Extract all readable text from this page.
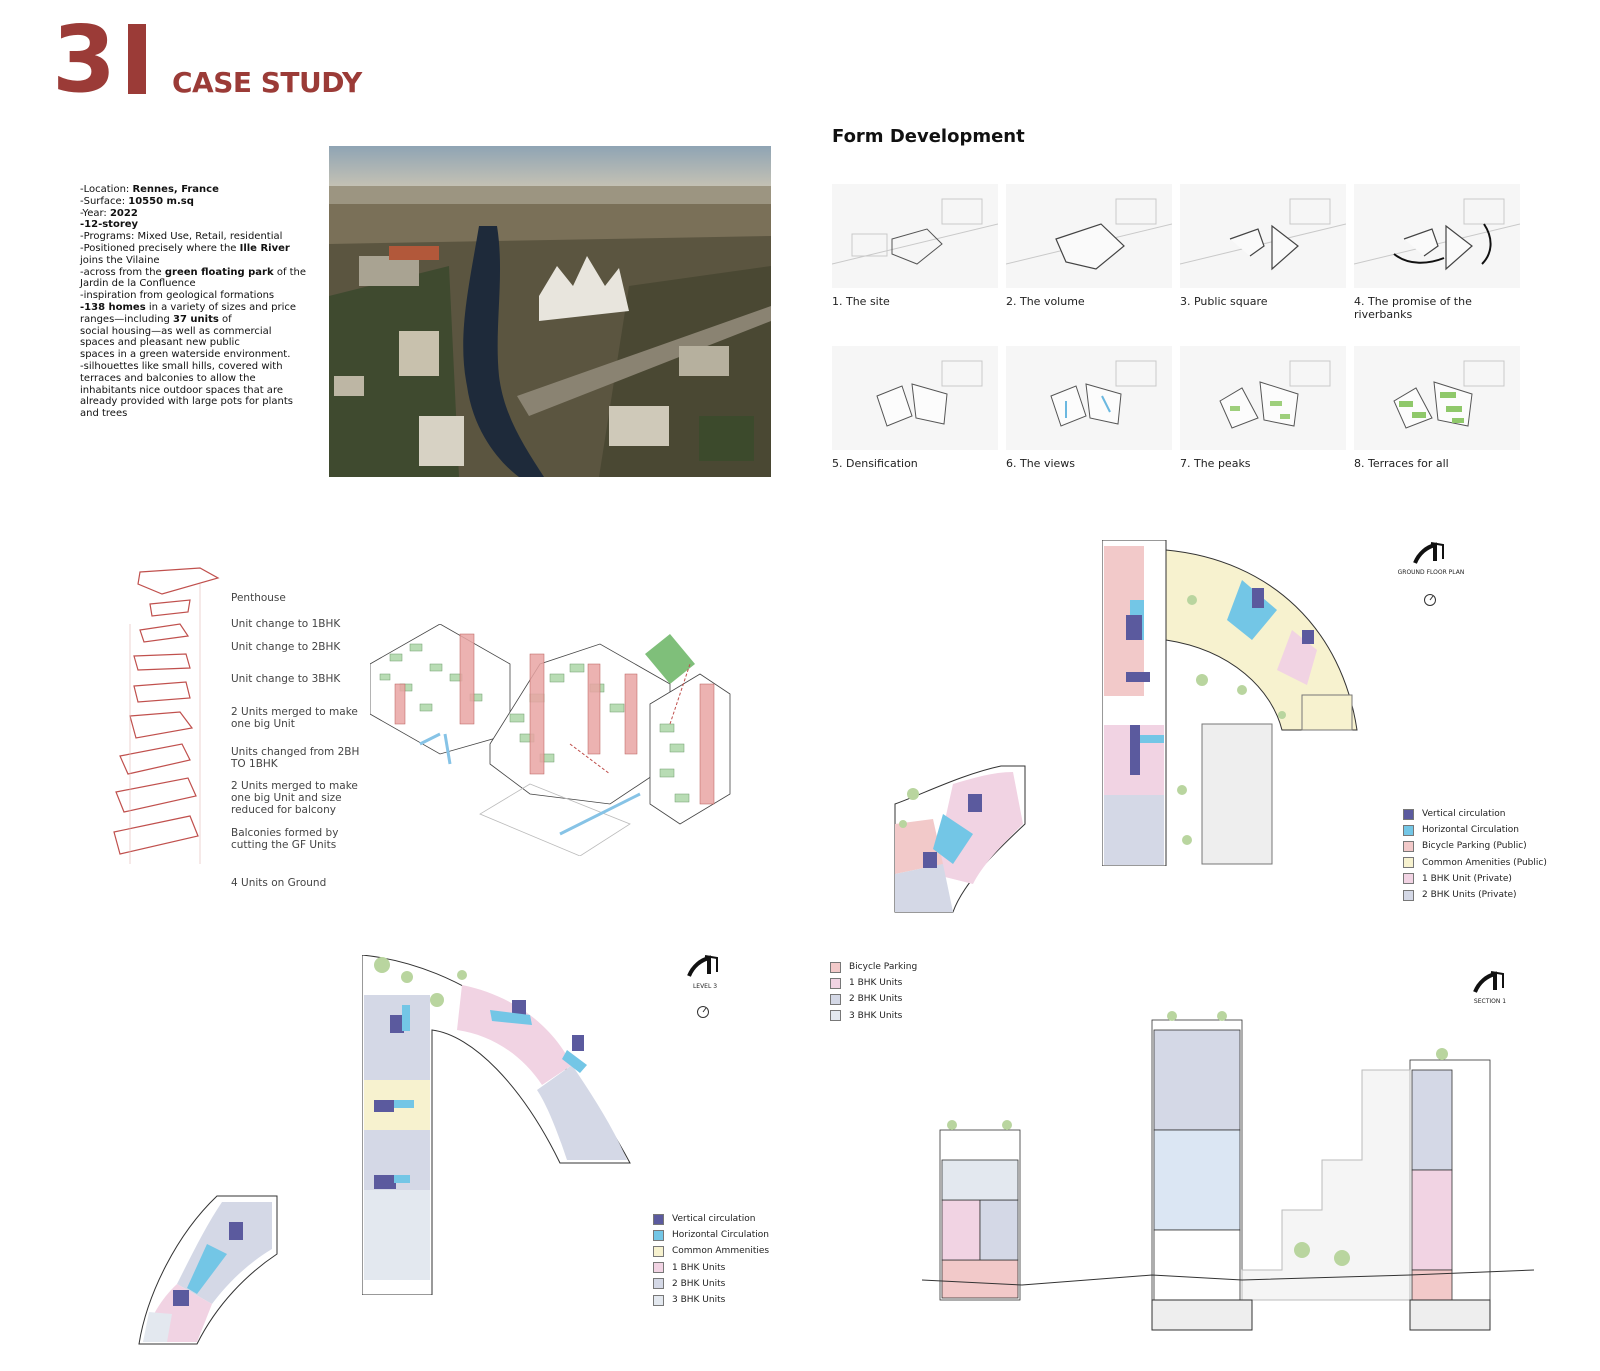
3 CASE STUDY
-Location: Rennes, France
-Surface: 10550 m.sq
-Year: 2022
-12-storey
-Programs: Mixed Use, Retail, residential
-Positioned precisely where the Ille River
joins the Vilaine
-across from the green floating park of the
Jardin de la Confluence
-inspiration from geological formations
-138 homes in a variety of sizes and price
ranges—including 37 units of
social housing—as well as commercial
spaces and pleasant new public
spaces in a green waterside environment.
-silhouettes like small hills, covered with
terraces and balconies to allow the
inhabitants nice outdoor spaces that are
already provided with large pots for plants
and trees
Form Development
1. The site	2. The volume	3. Public square	4. The promise of the riverbanks
5. Densification	6. The views	7. The peaks	8. Terraces for all
Penthouse
Unit change to 1BHK
Unit change to 2BHK
Unit change to 3BHK
2 Units merged to make one big Unit
Units changed from 2BH TO 1BHK
2 Units merged to make one big Unit and size reduced for balcony
Balconies formed by cutting the GF Units
4 Units on Ground
GROUND FLOOR PLAN
Vertical circulation
Horizontal Circulation
Bicycle Parking (Public)
Common Amenities (Public)
1 BHK Unit (Private)
2 BHK Units (Private)
LEVEL 3
Vertical circulation
Horizontal Circulation
Common Ammenities
1 BHK Units
2 BHK Units
3 BHK Units
Bicycle Parking
1 BHK Units
2 BHK Units
3 BHK Units
SECTION 1
